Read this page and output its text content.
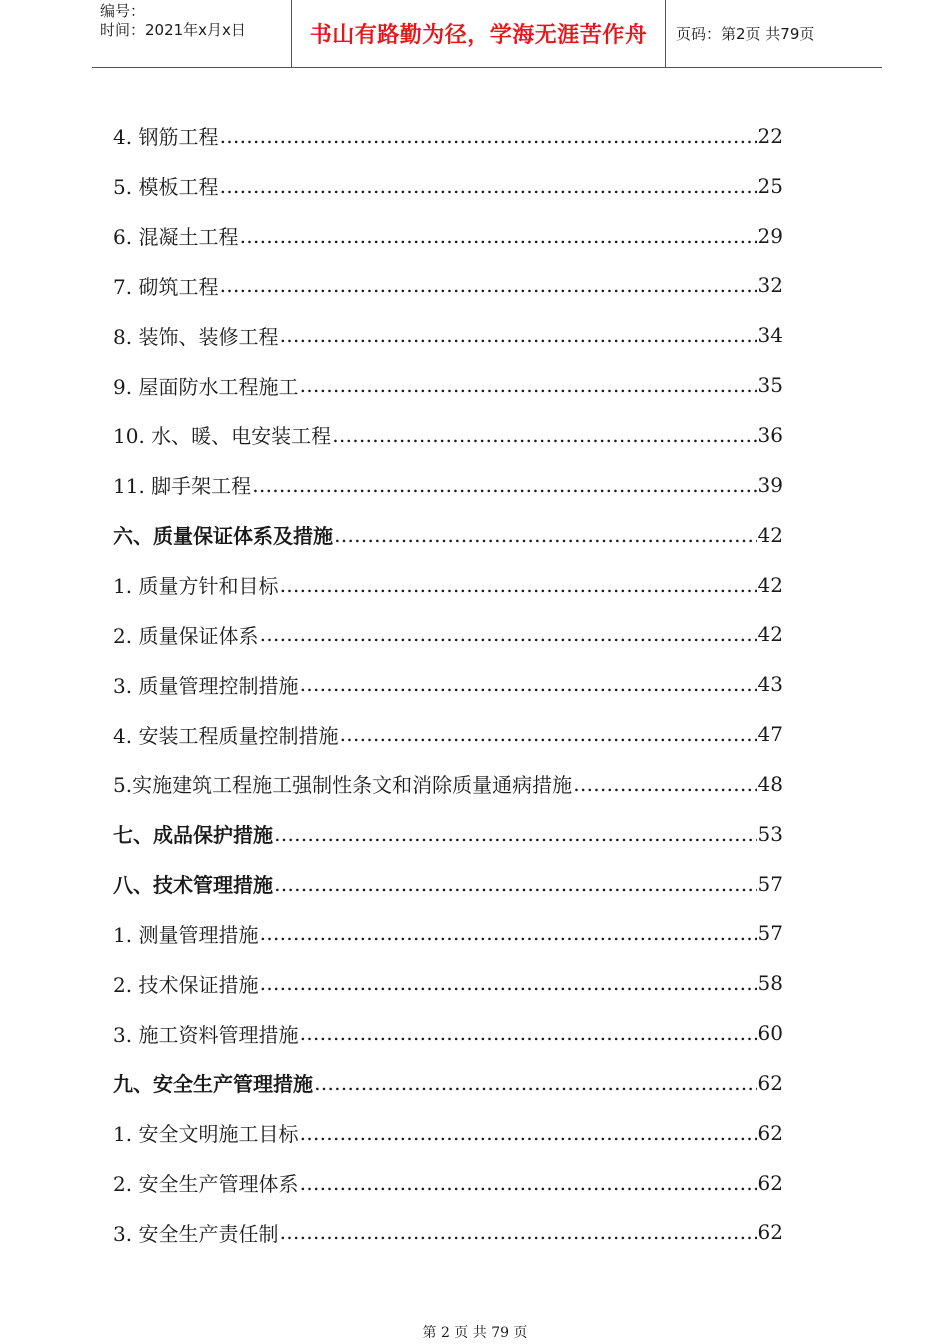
编号：
时间：2021年x月x日	书山有路勤为径，学海无涯苦作舟 页码：第2页 共79页
4. 钢筋工程 ……………………………………………………………………………………………………………………	22
5. 模板工程 ……………………………………………………………………………………………………………………	25
6. 混凝土工程 ……………………………………………………………………………………………………………………	29
7. 砌筑工程 ……………………………………………………………………………………………………………………	32
8. 装饰、装修工程 ……………………………………………………………………………………………………………………	34
9. 屋面防水工程施工 ……………………………………………………………………………………………………………………	35
10. 水、暖、电安装工程 ……………………………………………………………………………………………………………………	36
11. 脚手架工程 ……………………………………………………………………………………………………………………	39
六、质量保证体系及措施 ……………………………………………………………………………………………………………………	42
1. 质量方针和目标 ……………………………………………………………………………………………………………………	42
2. 质量保证体系 ……………………………………………………………………………………………………………………	42
3. 质量管理控制措施 ……………………………………………………………………………………………………………………	43
4. 安装工程质量控制措施 ……………………………………………………………………………………………………………………	47
5.实施建筑工程施工强制性条文和消除质量通病措施 ……………………………………………………………………………………………………………………	48
七、成品保护措施 ……………………………………………………………………………………………………………………	53
八、技术管理措施 ……………………………………………………………………………………………………………………	57
1. 测量管理措施 ……………………………………………………………………………………………………………………	57
2. 技术保证措施 ……………………………………………………………………………………………………………………	58
3. 施工资料管理措施 ……………………………………………………………………………………………………………………	60
九、安全生产管理措施 ……………………………………………………………………………………………………………………	62
1. 安全文明施工目标 ……………………………………………………………………………………………………………………	62
2. 安全生产管理体系 ……………………………………………………………………………………………………………………	62
3. 安全生产责任制 ……………………………………………………………………………………………………………………	62
第 2 页 共 79 页
